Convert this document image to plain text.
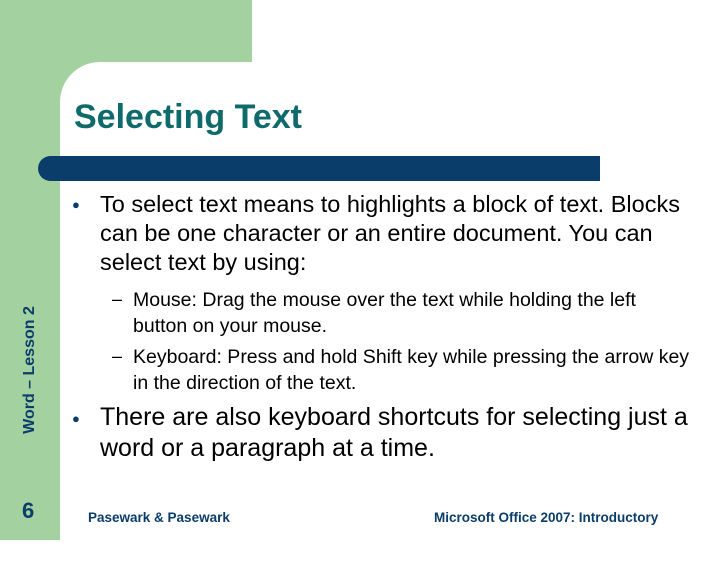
Selecting Text
Word – Lesson 2
6
● To select text means to highlights a block of text. Blocks can be one character or an entire document. You can select text by using:
– Mouse: Drag the mouse over the text while holding the left button on your mouse.
– Keyboard: Press and hold Shift key while pressing the arrow key in the direction of the text.
● There are also keyboard shortcuts for selecting just a word or a paragraph at a time.
Pasewark & Pasewark	Microsoft Office 2007: Introductory
